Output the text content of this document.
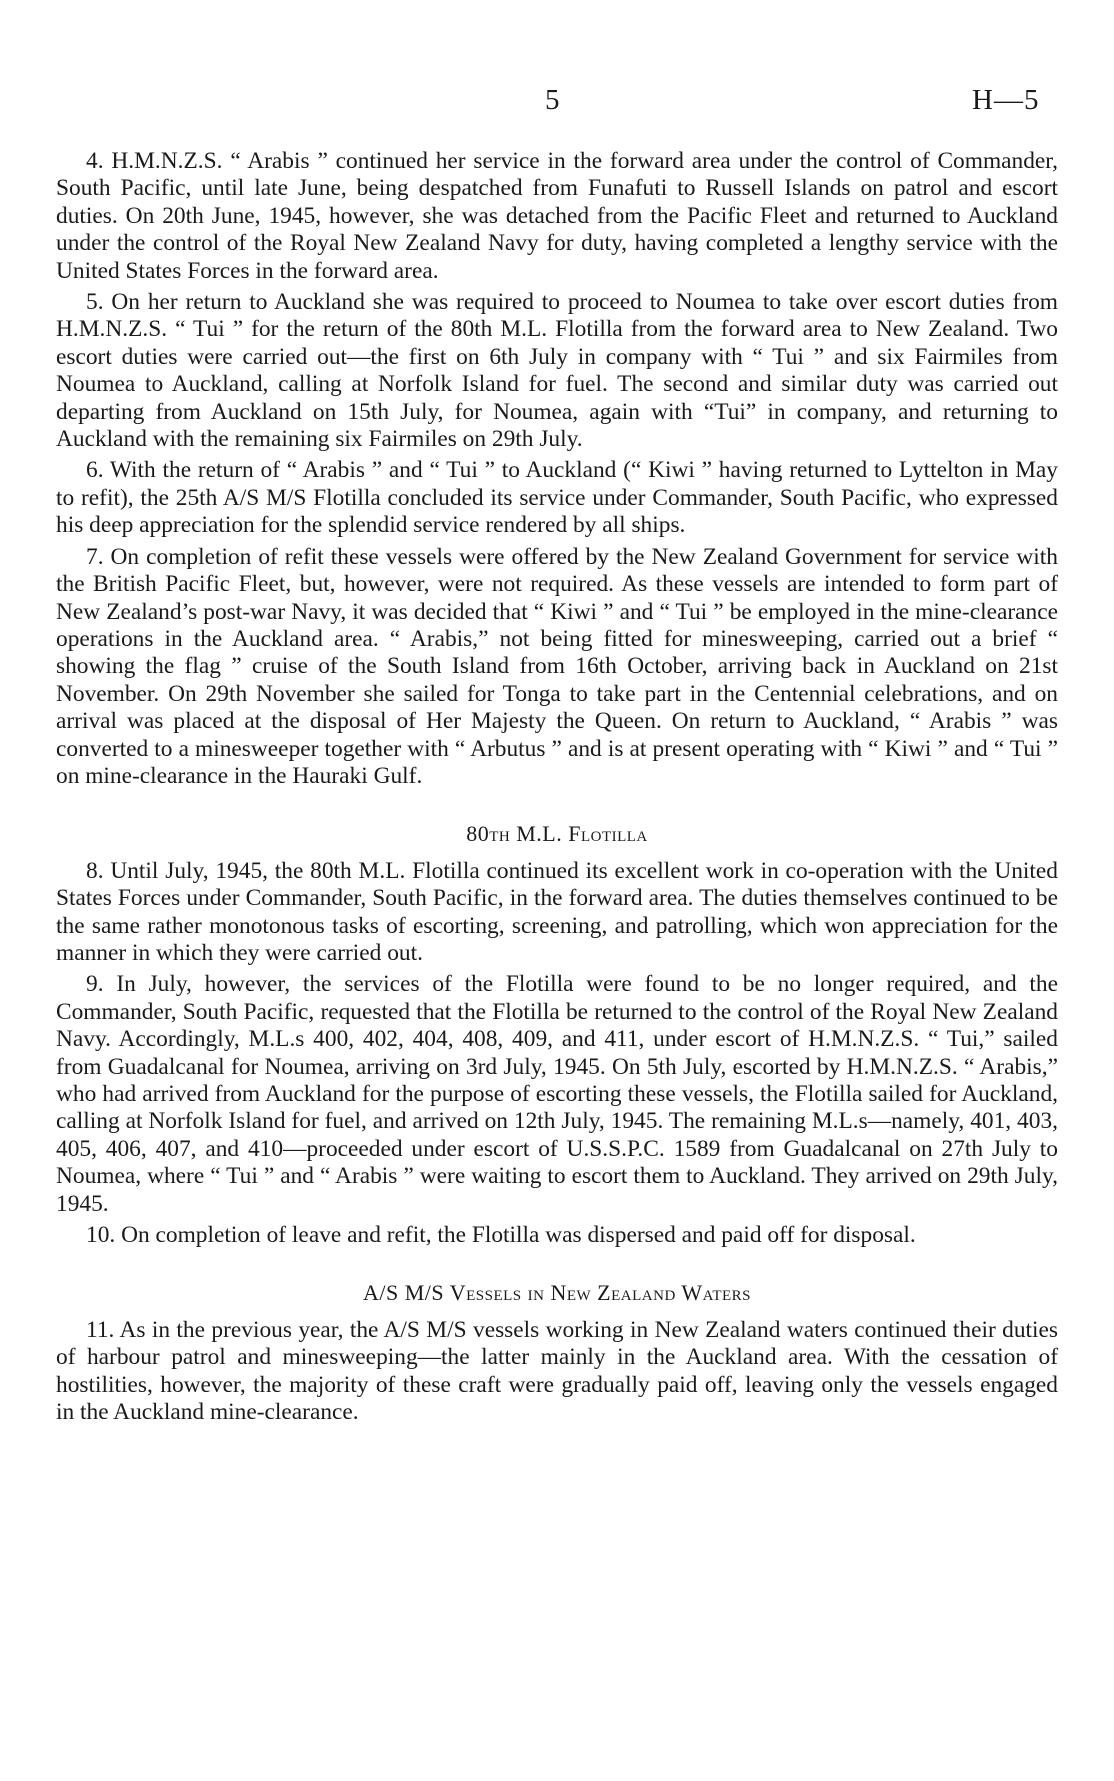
5	H—5

4. H.M.N.Z.S. “ Arabis ” continued her service in the forward area under the control of Commander, South Pacific, until late June, being despatched from Funafuti to Russell Islands on patrol and escort duties. On 20th June, 1945, however, she was detached from the Pacific Fleet and returned to Auckland under the control of the Royal New Zealand Navy for duty, having completed a lengthy service with the United States Forces in the forward area.

5. On her return to Auckland she was required to proceed to Noumea to take over escort duties from H.M.N.Z.S. “ Tui ” for the return of the 80th M.L. Flotilla from the forward area to New Zealand. Two escort duties were carried out—the first on 6th July in company with “ Tui ” and six Fairmiles from Noumea to Auckland, calling at Norfolk Island for fuel. The second and similar duty was carried out departing from Auckland on 15th July, for Noumea, again with “Tui” in company, and returning to Auckland with the remaining six Fairmiles on 29th July.

6. With the return of “ Arabis ” and “ Tui ” to Auckland (“ Kiwi ” having returned to Lyttelton in May to refit), the 25th A/S M/S Flotilla concluded its service under Commander, South Pacific, who expressed his deep appreciation for the splendid service rendered by all ships.

7. On completion of refit these vessels were offered by the New Zealand Government for service with the British Pacific Fleet, but, however, were not required. As these vessels are intended to form part of New Zealand’s post-war Navy, it was decided that “ Kiwi ” and “ Tui ” be employed in the mine-clearance operations in the Auckland area. “ Arabis,” not being fitted for minesweeping, carried out a brief “ showing the flag ” cruise of the South Island from 16th October, arriving back in Auckland on 21st November. On 29th November she sailed for Tonga to take part in the Centennial celebrations, and on arrival was placed at the disposal of Her Majesty the Queen. On return to Auckland, “ Arabis ” was converted to a minesweeper together with “ Arbutus ” and is at present operating with “ Kiwi ” and “ Tui ” on mine-clearance in the Hauraki Gulf.

80th M.L. Flotilla

8. Until July, 1945, the 80th M.L. Flotilla continued its excellent work in co-operation with the United States Forces under Commander, South Pacific, in the forward area. The duties themselves continued to be the same rather monotonous tasks of escorting, screening, and patrolling, which won appreciation for the manner in which they were carried out.

9. In July, however, the services of the Flotilla were found to be no longer required, and the Commander, South Pacific, requested that the Flotilla be returned to the control of the Royal New Zealand Navy. Accordingly, M.L.s 400, 402, 404, 408, 409, and 411, under escort of H.M.N.Z.S. “ Tui,” sailed from Guadalcanal for Noumea, arriving on 3rd July, 1945. On 5th July, escorted by H.M.N.Z.S. “ Arabis,” who had arrived from Auckland for the purpose of escorting these vessels, the Flotilla sailed for Auckland, calling at Norfolk Island for fuel, and arrived on 12th July, 1945. The remaining M.L.s—namely, 401, 403, 405, 406, 407, and 410—proceeded under escort of U.S.S.P.C. 1589 from Guadalcanal on 27th July to Noumea, where “ Tui ” and “ Arabis ” were waiting to escort them to Auckland. They arrived on 29th July, 1945.

10. On completion of leave and refit, the Flotilla was dispersed and paid off for disposal.

A/S M/S Vessels in New Zealand Waters

11. As in the previous year, the A/S M/S vessels working in New Zealand waters continued their duties of harbour patrol and minesweeping—the latter mainly in the Auckland area. With the cessation of hostilities, however, the majority of these craft were gradually paid off, leaving only the vessels engaged in the Auckland mine-clearance.
